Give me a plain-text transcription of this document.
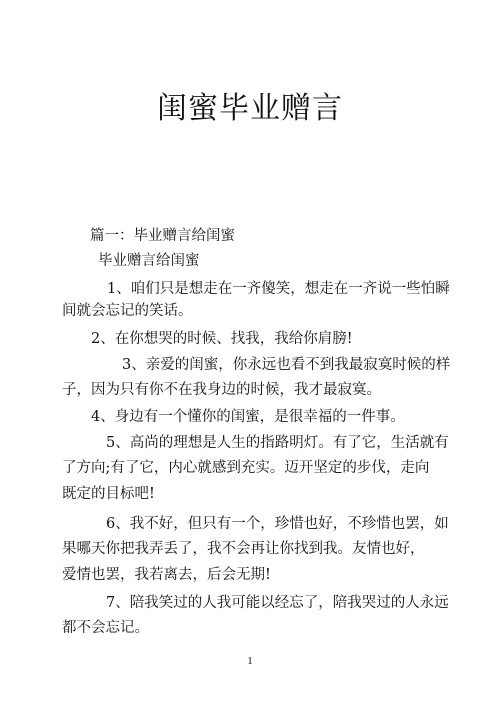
闺蜜毕业赠言
篇一：毕业赠言给闺蜜
毕业赠言给闺蜜
1、咱们只是想走在一齐傻笑，想走在一齐说一些怕瞬
间就会忘记的笑话。
2、在你想哭的时候、找我，我给你肩膀!
3、亲爱的闺蜜，你永远也看不到我最寂寞时候的样
子，因为只有你不在我身边的时候，我才最寂寞。
4、身边有一个懂你的闺蜜，是很幸福的一件事。
5、高尚的理想是人生的指路明灯。有了它，生活就有
了方向;有了它，内心就感到充实。迈开坚定的步伐，走向
既定的目标吧!
6、我不好，但只有一个，珍惜也好，不珍惜也罢，如
果哪天你把我弄丢了，我不会再让你找到我。友情也好，
爱情也罢，我若离去，后会无期!
7、陪我笑过的人我可能以经忘了，陪我哭过的人永远
都不会忘记。
1
